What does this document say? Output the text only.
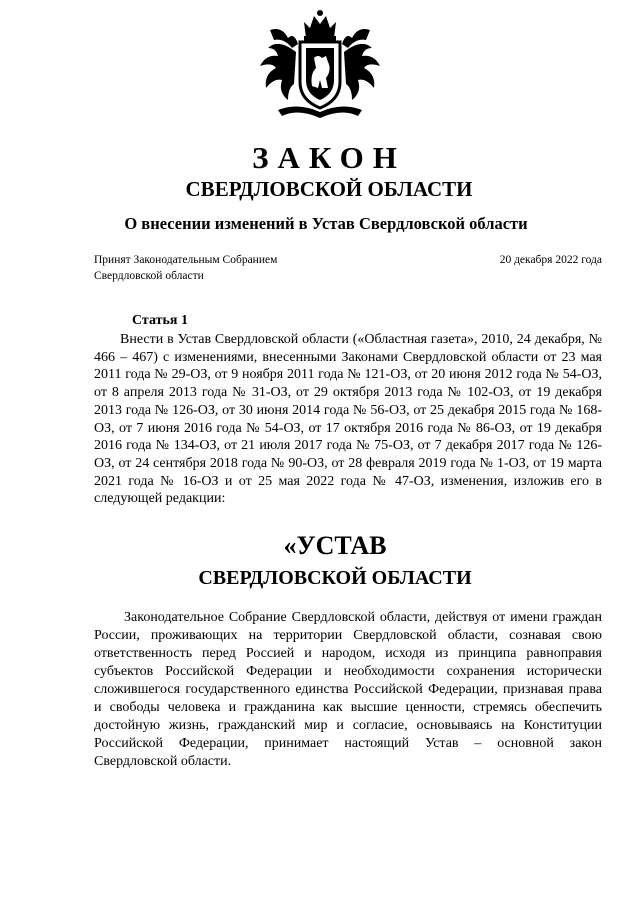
ЗАКОН
СВЕРДЛОВСКОЙ ОБЛАСТИ
О внесении изменений в Устав Свердловской области
Принят Законодательным Собранием
Свердловской области
20 декабря 2022 года
Статья 1
Внести в Устав Свердловской области («Областная газета», 2010, 24 декабря, № 466 – 467) с изменениями, внесенными Законами Свердловской области от 23 мая 2011 года № 29-ОЗ, от 9 ноября 2011 года № 121-ОЗ, от 20 июня 2012 года № 54-ОЗ, от 8 апреля 2013 года № 31-ОЗ, от 29 октября 2013 года № 102-ОЗ, от 19 декабря 2013 года № 126-ОЗ, от 30 июня 2014 года № 56-ОЗ, от 25 декабря 2015 года № 168-ОЗ, от 7 июня 2016 года № 54-ОЗ, от 17 октября 2016 года № 86-ОЗ, от 19 декабря 2016 года № 134-ОЗ, от 21 июля 2017 года № 75-ОЗ, от 7 декабря 2017 года № 126-ОЗ, от 24 сентября 2018 года № 90-ОЗ, от 28 февраля 2019 года № 1-ОЗ, от 19 марта 2021 года № 16-ОЗ и от 25 мая 2022 года № 47-ОЗ, изменения, изложив его в следующей редакции:
«УСТАВ
СВЕРДЛОВСКОЙ ОБЛАСТИ
Законодательное Собрание Свердловской области, действуя от имени граждан России, проживающих на территории Свердловской области, сознавая свою ответственность перед Россией и народом, исходя из принципа равноправия субъектов Российской Федерации и необходимости сохранения исторически сложившегося государственного единства Российской Федерации, признавая права и свободы человека и гражданина как высшие ценности, стремясь обеспечить достойную жизнь, гражданский мир и согласие, основываясь на Конституции Российской Федерации, принимает настоящий Устав – основной закон Свердловской области.
